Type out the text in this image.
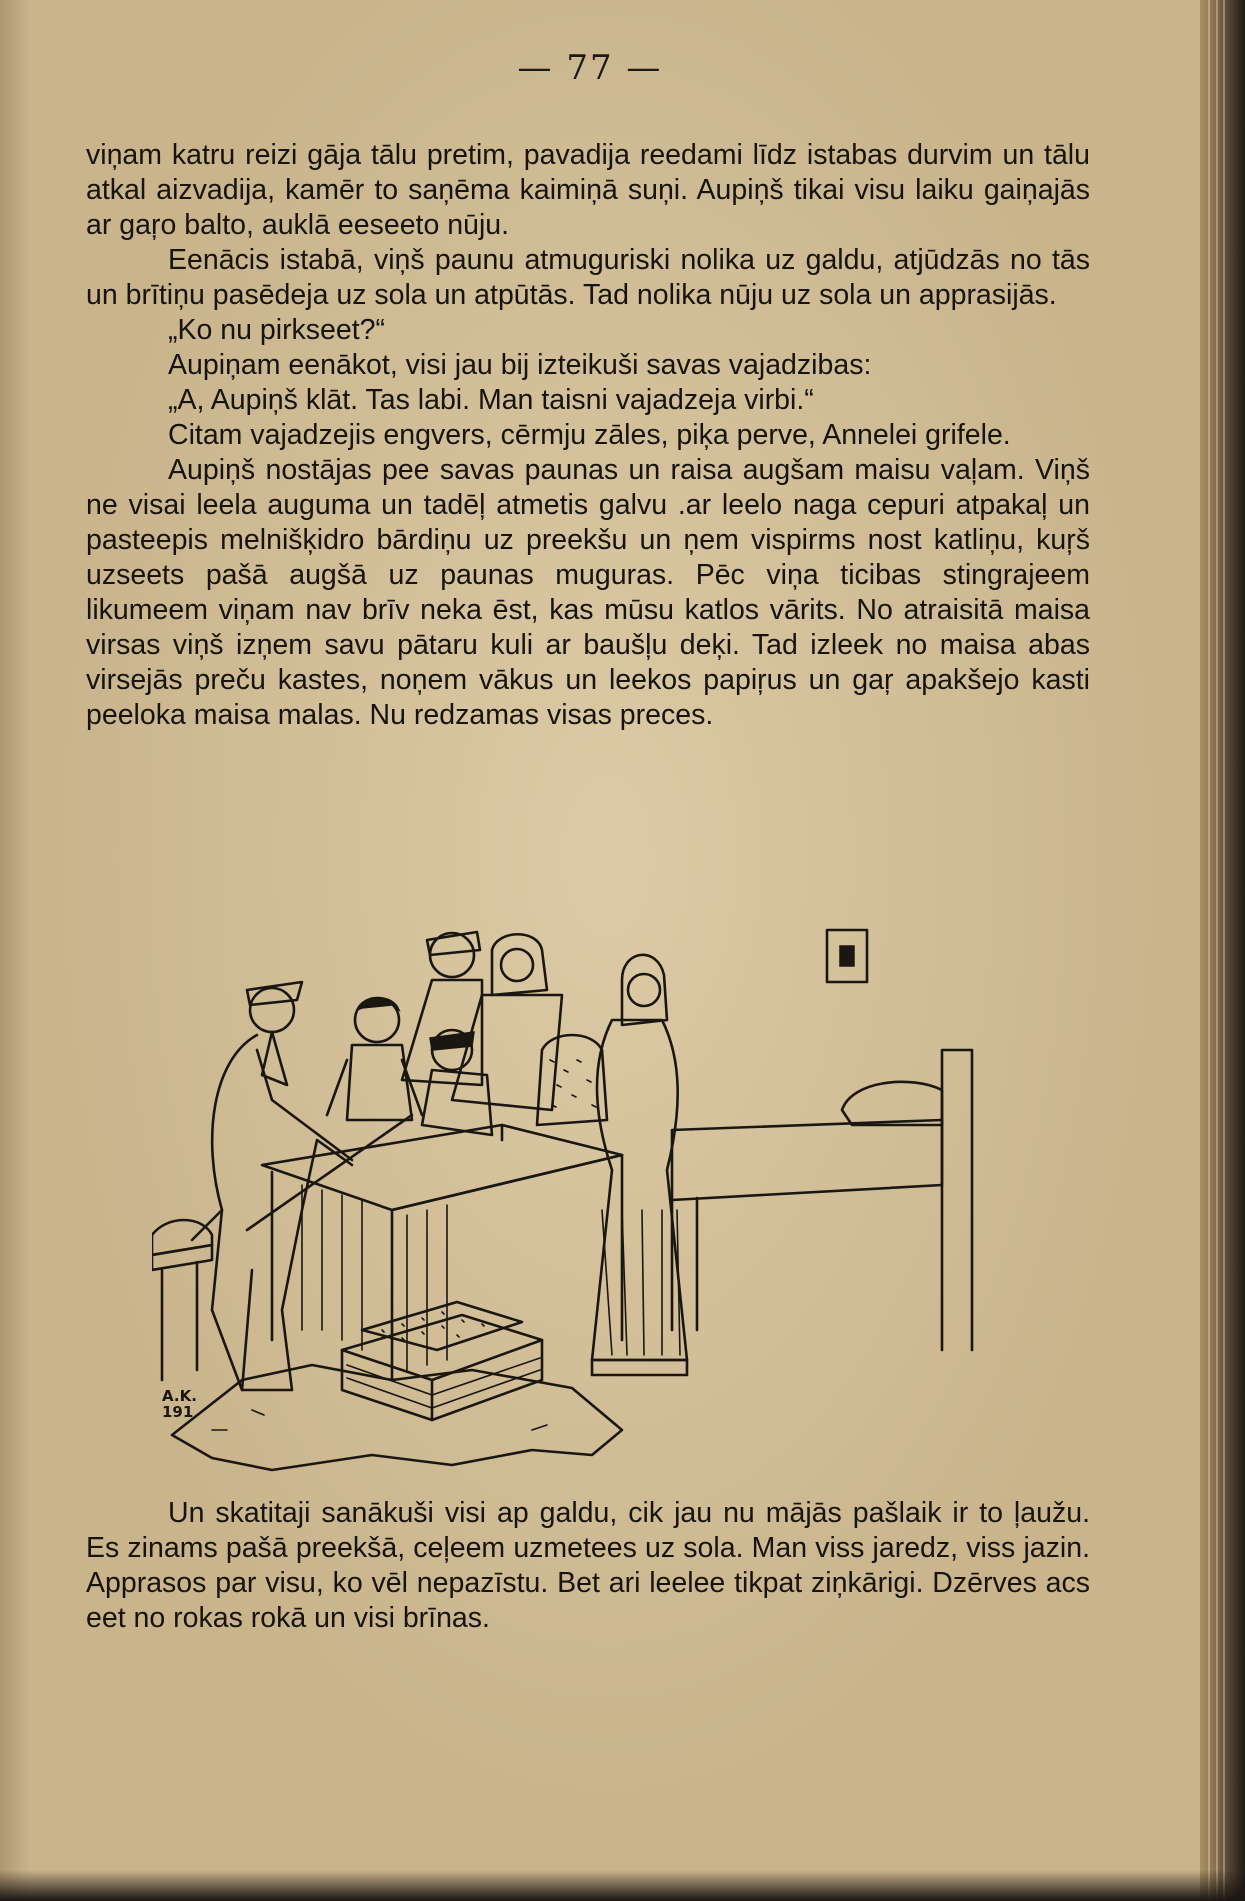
— 77 —

viņam katru reizi gāja tālu pretim, pavadija reedami līdz istabas durvim un tālu atkal aizvadija, kamēr to saņēma kaimiņā suņi. Aupiņš tikai visu laiku gaiņajās ar gaŗo balto, auklā eeseeto nūju.

Eenācis istabā, viņš paunu atmuguriski nolika uz galdu, atjūdzās no tās un brītiņu pasēdeja uz sola un atpūtās. Tad nolika nūju uz sola un apprasijās.

„Ko nu pirkseet?“

Aupiņam eenākot, visi jau bij izteikuši savas vajadzibas:

„A, Aupiņš klāt. Tas labi. Man taisni vajadzeja virbi.“

Citam vajadzejis engvers, cērmju zāles, piķa perve, Annelei grifele.

Aupiņš nostājas pee savas paunas un raisa augšam maisu vaļam. Viņš ne visai leela auguma un tadēļ atmetis galvu .ar leelo naga cepuri atpakaļ un pasteepis melnišķidro bārdiņu uz preekšu un ņem vispirms nost katliņu, kuŗš uzseets pašā augšā uz paunas muguras. Pēc viņa ticibas stingrajeem likumeem viņam nav brīv neka ēst, kas mūsu katlos vārits. No atraisitā maisa virsas viņš izņem savu pātaru kuli ar baušļu deķi. Tad izleek no maisa abas virsejās preču kastes, noņem vākus un leekos papiŗus un gaŗ apakšejo kasti peeloka maisa malas. Nu redzamas visas preces.

A.K.
191

Un skatitaji sanākuši visi ap galdu, cik jau nu mājās pašlaik ir to ļaužu. Es zinams pašā preekšā, ceļeem uzmetees uz sola. Man viss jaredz, viss jazin. Apprasos par visu, ko vēl nepazīstu. Bet ari leelee tikpat ziņkārigi. Dzērves acs eet no rokas rokā un visi brīnas.
